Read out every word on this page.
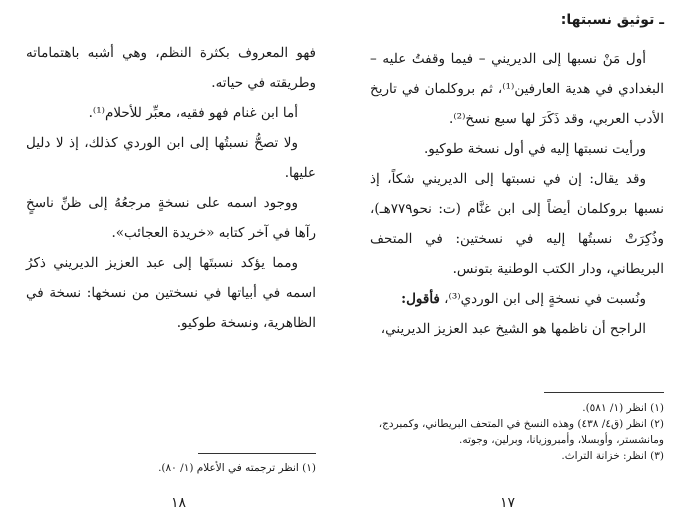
فهو المعروف بكثرة النظم، وهي أشبه باهتماماته وطريقته في حياته.

أما ابن غنام فهو فقيه، معبِّر للأحلام⁽¹⁾.

ولا تصحُّ نسبتُها إلى ابن الوردي كذلك، إذ لا دليل عليها.

ووجود اسمه على نسخةٍ مرجعُهُ إلى ظنِّ ناسخٍ رآها في آخر كتابه «خريدة العجائب».

ومما يؤكد نسبتَها إلى عبد العزيز الديريني ذكرُ اسمه في أبياتها في نسختين من نسخها: نسخة في الظاهرية، ونسخة طوكيو.

(١) انظر ترجمته في الأعلام (١/ ٨٠).
١٨
ـ توثيق نسبتها:

أول مَنْ نسبها إلى الديريني – فيما وقفتُ عليه – البغدادي في هدية العارفين⁽¹⁾، ثم بروكلمان في تاريخ الأدب العربي، وقد ذَكَرَ لها سبع نسخ⁽²⁾.

ورأيت نسبتها إليه في أول نسخة طوكيو.

وقد يقال: إن في نسبتها إلى الديريني شكاً، إذ نسبها بروكلمان أيضاً إلى ابن غنَّام (ت: نحو٧٧٩هـ)، وذُكِرَتْ نسبتُها إليه في نسختين: في المتحف البريطاني، ودار الكتب الوطنية بتونس.

ونُسبت في نسخةٍ إلى ابن الوردي⁽³⁾، فأقول:

الراجح أن ناظمها هو الشيخ عبد العزيز الديريني،

(١) انظر (١/ ٥٨١).
(٢) انظر (ق٤/ ٤٣٨) وهذه النسخ في المتحف البريطاني، وكمبردج، ومانشستر، وأوبسلا، وأمبروزيانا، وبرلين، وجوته.
(٣) انظر: خزانة التراث.
١٧
